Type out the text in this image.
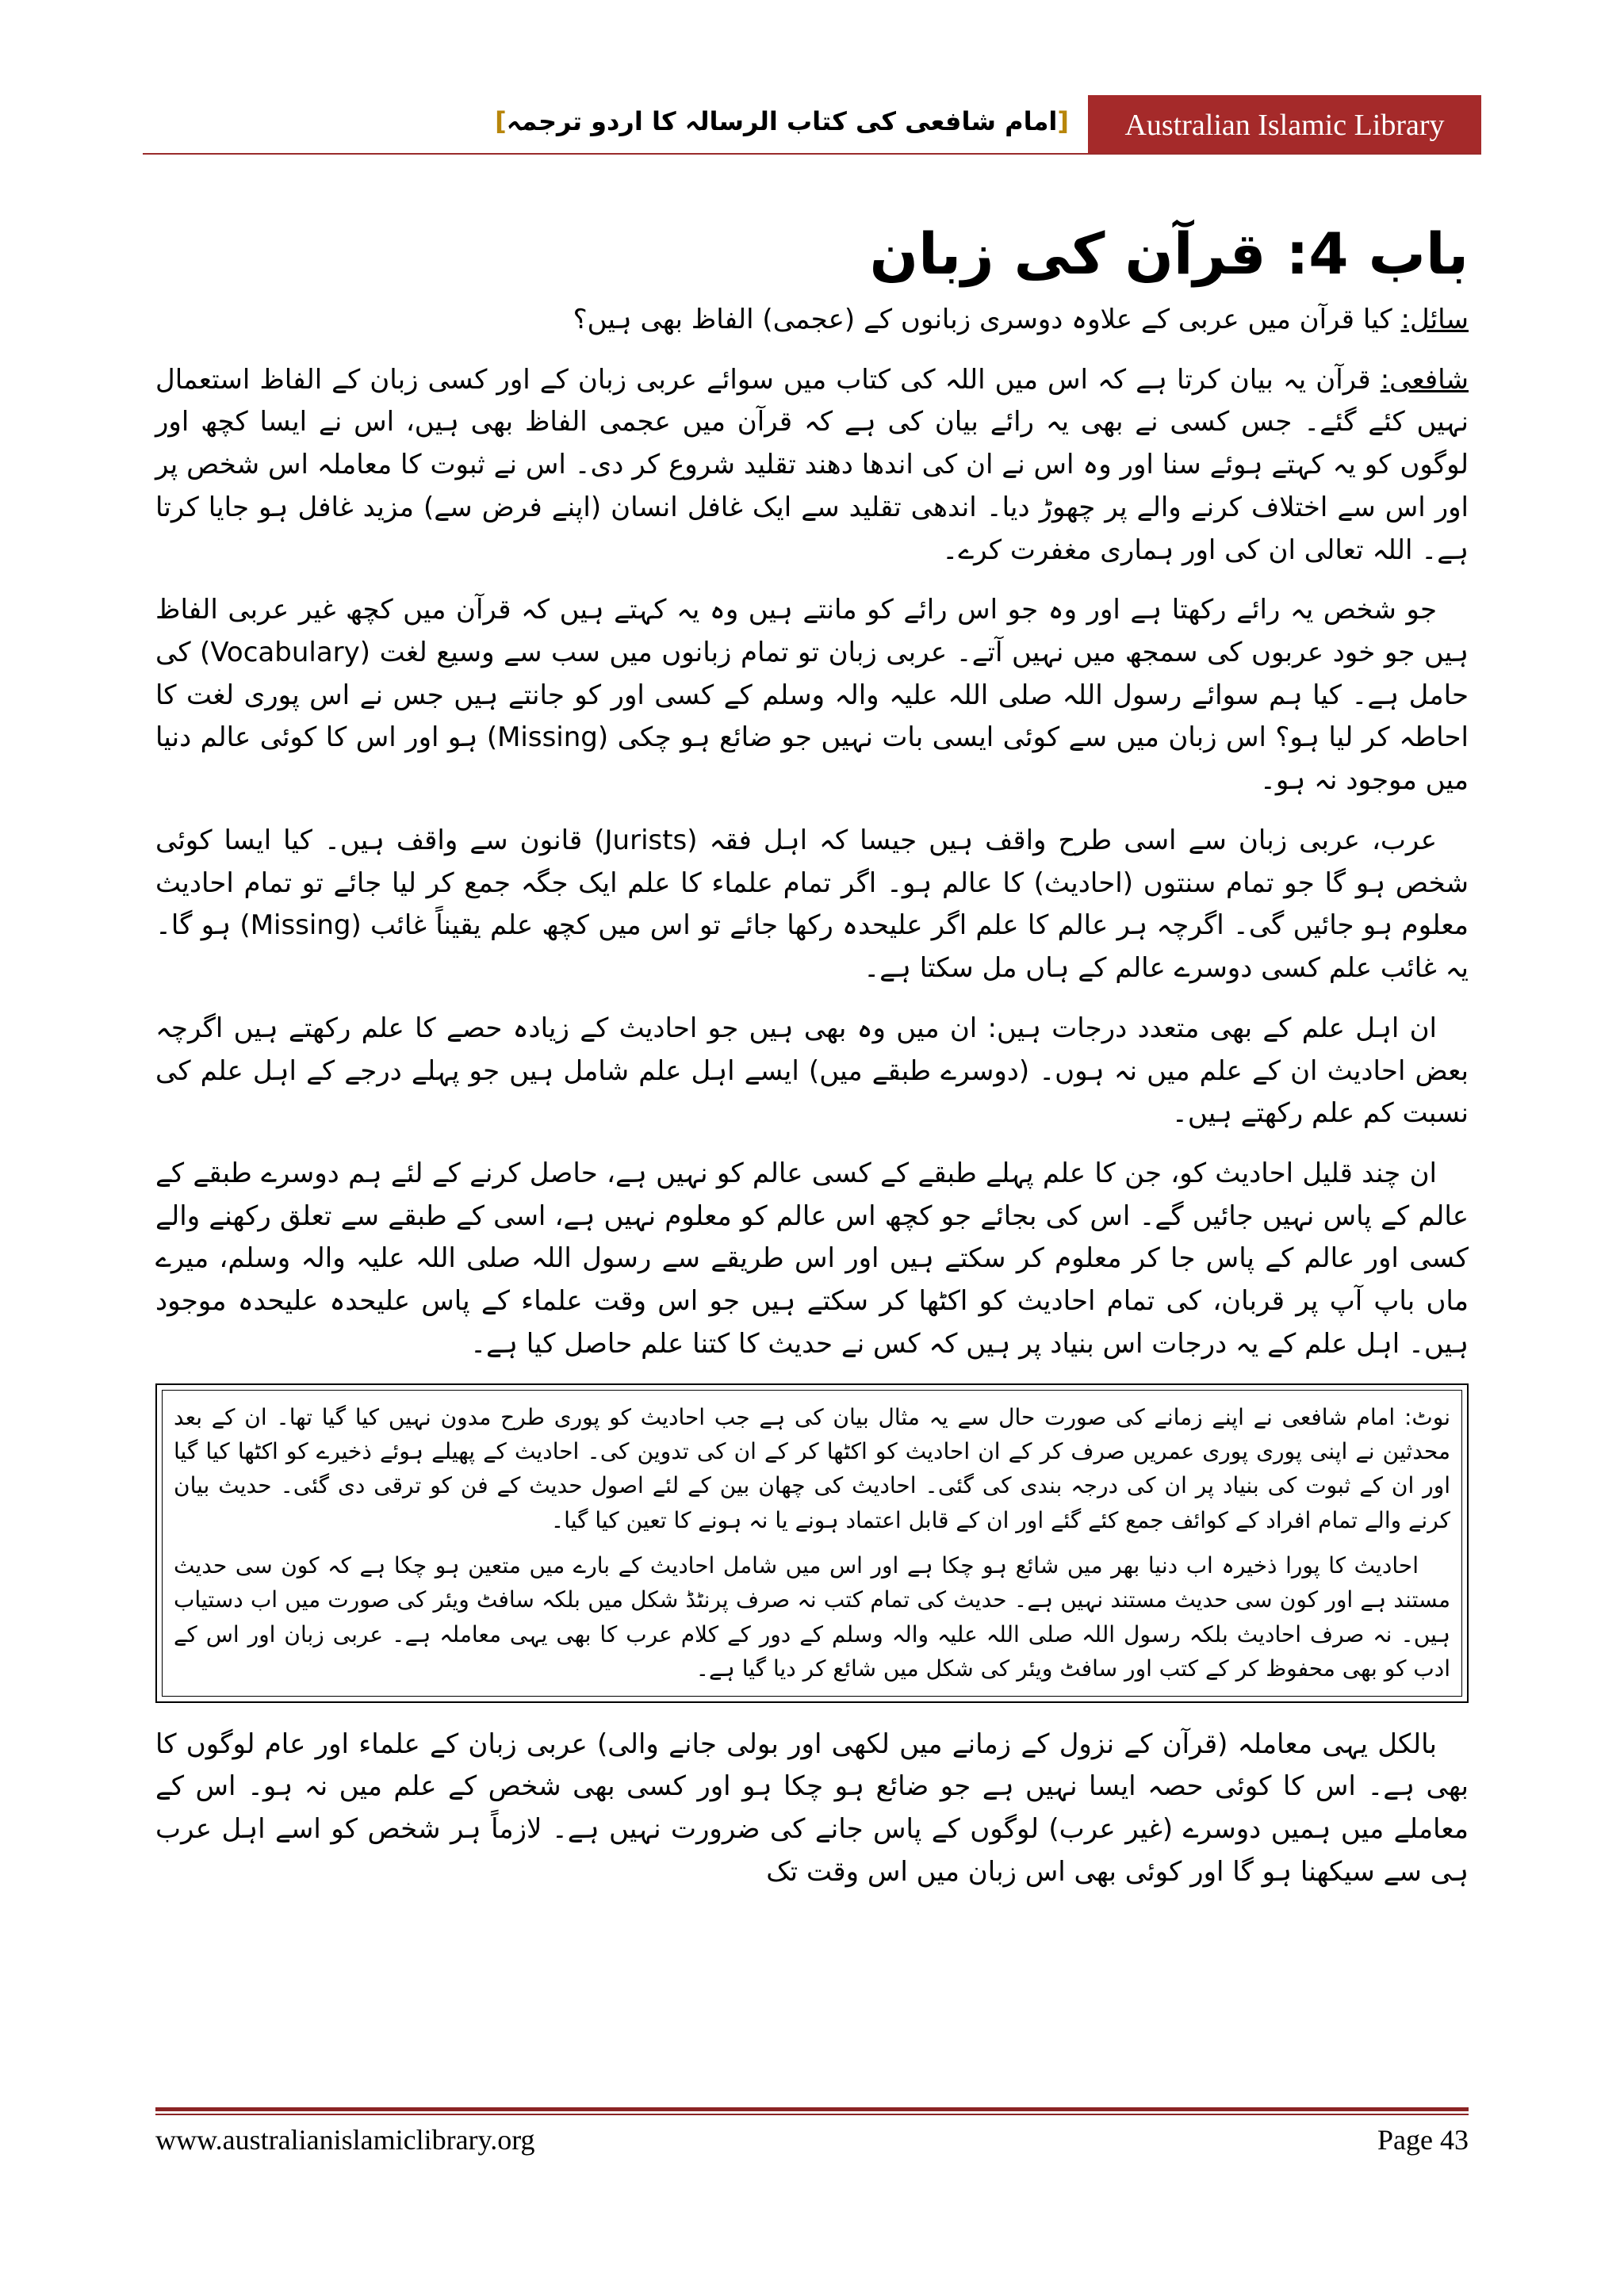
[امام شافعی کی کتاب الرسالہ کا اردو ترجمہ]	Australian Islamic Library
باب 4: قرآن کی زبان

سائل: کیا قرآن میں عربی کے علاوہ دوسری زبانوں کے (عجمی) الفاظ بھی ہیں؟

شافعی: قرآن یہ بیان کرتا ہے کہ اس میں اللہ کی کتاب میں سوائے عربی زبان کے اور کسی زبان کے الفاظ استعمال نہیں کئے گئے۔ جس کسی نے بھی یہ رائے بیان کی ہے کہ قرآن میں عجمی الفاظ بھی ہیں، اس نے ایسا کچھ اور لوگوں کو یہ کہتے ہوئے سنا اور وہ اس نے ان کی اندھا دھند تقلید شروع کر دی۔ اس نے ثبوت کا معاملہ اس شخص پر اور اس سے اختلاف کرنے والے پر چھوڑ دیا۔ اندھی تقلید سے ایک غافل انسان (اپنے فرض سے) مزید غافل ہو جایا کرتا ہے۔ اللہ تعالی ان کی اور ہماری مغفرت کرے۔

جو شخص یہ رائے رکھتا ہے اور وہ جو اس رائے کو مانتے ہیں وہ یہ کہتے ہیں کہ قرآن میں کچھ غیر عربی الفاظ ہیں جو خود عربوں کی سمجھ میں نہیں آتے۔ عربی زبان تو تمام زبانوں میں سب سے وسیع لغت (Vocabulary) کی حامل ہے۔ کیا ہم سوائے رسول اللہ صلی اللہ علیہ والہ وسلم کے کسی اور کو جانتے ہیں جس نے اس پوری لغت کا احاطہ کر لیا ہو؟ اس زبان میں سے کوئی ایسی بات نہیں جو ضائع ہو چکی (Missing) ہو اور اس کا کوئی عالم دنیا میں موجود نہ ہو۔

عرب، عربی زبان سے اسی طرح واقف ہیں جیسا کہ اہل فقہ (Jurists) قانون سے واقف ہیں۔ کیا ایسا کوئی شخص ہو گا جو تمام سنتوں (احادیث) کا عالم ہو۔ اگر تمام علماء کا علم ایک جگہ جمع کر لیا جائے تو تمام احادیث معلوم ہو جائیں گی۔ اگرچہ ہر عالم کا علم اگر علیحدہ رکھا جائے تو اس میں کچھ علم یقیناً غائب (Missing) ہو گا۔ یہ غائب علم کسی دوسرے عالم کے ہاں مل سکتا ہے۔

ان اہل علم کے بھی متعدد درجات ہیں: ان میں وہ بھی ہیں جو احادیث کے زیادہ حصے کا علم رکھتے ہیں اگرچہ بعض احادیث ان کے علم میں نہ ہوں۔ (دوسرے طبقے میں) ایسے اہل علم شامل ہیں جو پہلے درجے کے اہل علم کی نسبت کم علم رکھتے ہیں۔

ان چند قلیل احادیث کو، جن کا علم پہلے طبقے کے کسی عالم کو نہیں ہے، حاصل کرنے کے لئے ہم دوسرے طبقے کے عالم کے پاس نہیں جائیں گے۔ اس کی بجائے جو کچھ اس عالم کو معلوم نہیں ہے، اسی کے طبقے سے تعلق رکھنے والے کسی اور عالم کے پاس جا کر معلوم کر سکتے ہیں اور اس طریقے سے رسول اللہ صلی اللہ علیہ والہ وسلم، میرے ماں باپ آپ پر قربان، کی تمام احادیث کو اکٹھا کر سکتے ہیں جو اس وقت علماء کے پاس علیحدہ علیحدہ موجود ہیں۔ اہل علم کے یہ درجات اس بنیاد پر ہیں کہ کس نے حدیث کا کتنا علم حاصل کیا ہے۔

نوٹ: امام شافعی نے اپنے زمانے کی صورت حال سے یہ مثال بیان کی ہے جب احادیث کو پوری طرح مدون نہیں کیا گیا تھا۔ ان کے بعد محدثین نے اپنی پوری پوری عمریں صرف کر کے ان احادیث کو اکٹھا کر کے ان کی تدوین کی۔ احادیث کے پھیلے ہوئے ذخیرے کو اکٹھا کیا گیا اور ان کے ثبوت کی بنیاد پر ان کی درجہ بندی کی گئی۔ احادیث کی چھان بین کے لئے اصول حدیث کے فن کو ترقی دی گئی۔ حدیث بیان کرنے والے تمام افراد کے کوائف جمع کئے گئے اور ان کے قابل اعتماد ہونے یا نہ ہونے کا تعین کیا گیا۔

احادیث کا پورا ذخیرہ اب دنیا بھر میں شائع ہو چکا ہے اور اس میں شامل احادیث کے بارے میں متعین ہو چکا ہے کہ کون سی حدیث مستند ہے اور کون سی حدیث مستند نہیں ہے۔ حدیث کی تمام کتب نہ صرف پرنٹڈ شکل میں بلکہ سافٹ ویئر کی صورت میں اب دستیاب ہیں۔ نہ صرف احادیث بلکہ رسول اللہ صلی اللہ علیہ والہ وسلم کے دور کے کلام عرب کا بھی یہی معاملہ ہے۔ عربی زبان اور اس کے ادب کو بھی محفوظ کر کے کتب اور سافٹ ویئر کی شکل میں شائع کر دیا گیا ہے۔

بالکل یہی معاملہ (قرآن کے نزول کے زمانے میں لکھی اور بولی جانے والی) عربی زبان کے علماء اور عام لوگوں کا بھی ہے۔ اس کا کوئی حصہ ایسا نہیں ہے جو ضائع ہو چکا ہو اور کسی بھی شخص کے علم میں نہ ہو۔ اس کے معاملے میں ہمیں دوسرے (غیر عرب) لوگوں کے پاس جانے کی ضرورت نہیں ہے۔ لازماً ہر شخص کو اسے اہل عرب ہی سے سیکھنا ہو گا اور کوئی بھی اس زبان میں اس وقت تک

www.australianislamiclibrary.org	Page 43
